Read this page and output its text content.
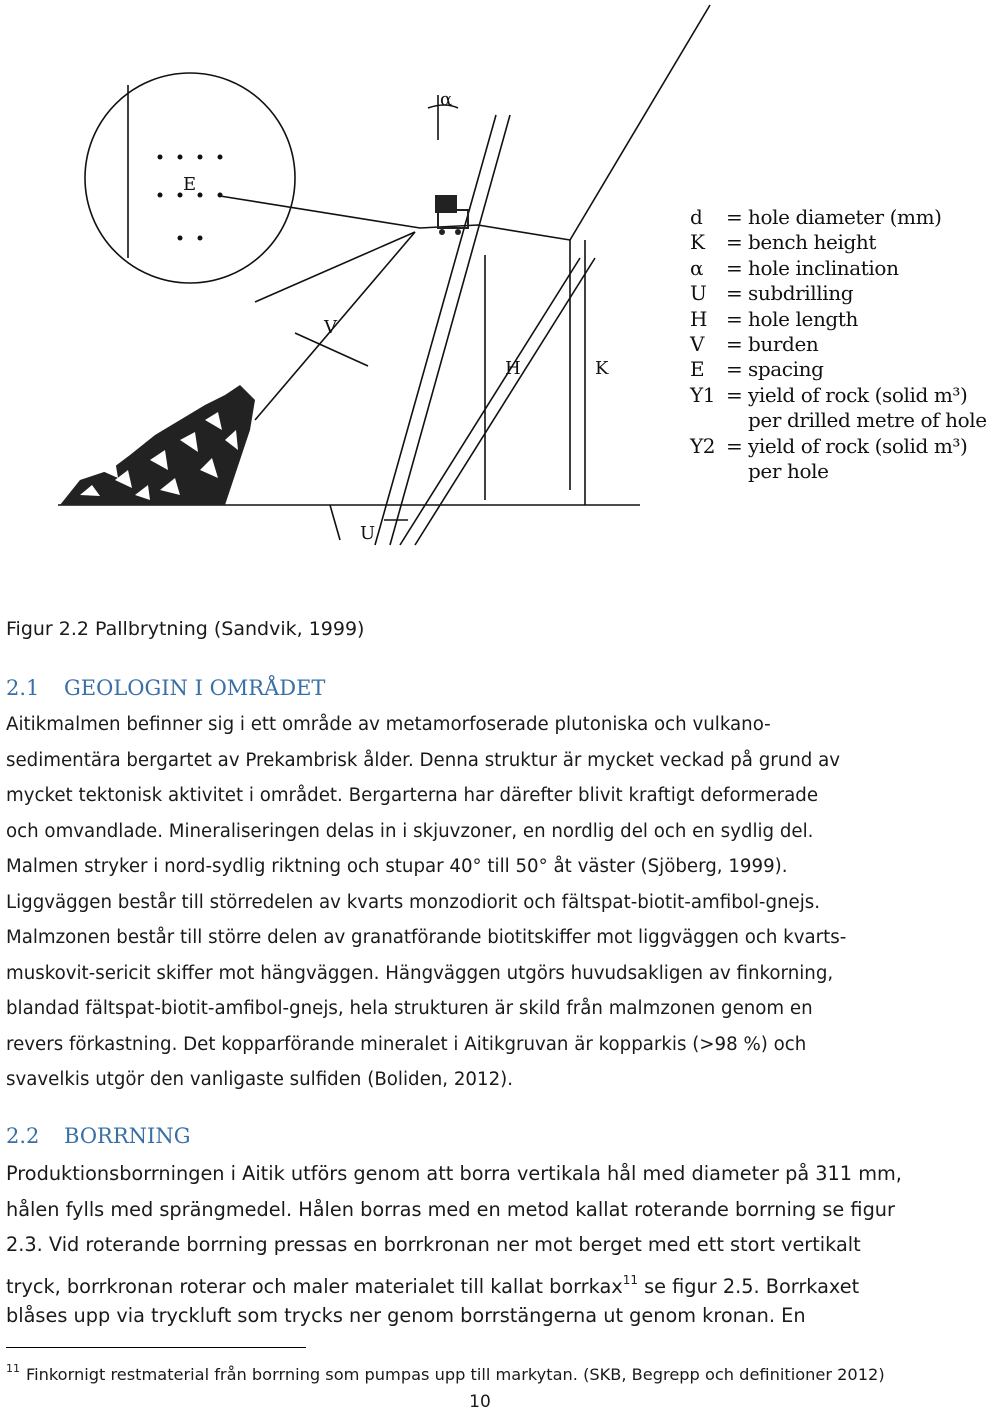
α
E
V
H	K
U
d	= hole diameter (mm)
K	= bench height
α	= hole inclination
U = subdrilling
H = hole length
V	= burden
E	= spacing
Y1 = yield of rock (solid m³)
per drilled metre of hole
Y2 = yield of rock (solid m³)
per hole
Figur 2.2 Pallbrytning (Sandvik, 1999)
2.1 GEOLOGIN I OMRÅDET
Aitikmalmen befinner sig i ett område av metamorfoserade plutoniska och vulkano-
sedimentära bergartet av Prekambrisk ålder. Denna struktur är mycket veckad på grund av
mycket tektonisk aktivitet i området. Bergarterna har därefter blivit kraftigt deformerade
och omvandlade. Mineraliseringen delas in i skjuvzoner, en nordlig del och en sydlig del.
Malmen stryker i nord-sydlig riktning och stupar 40° till 50° åt väster (Sjöberg, 1999).
Liggväggen består till störredelen av kvarts monzodiorit och fältspat-biotit-amfibol-gnejs.
Malmzonen består till större delen av granatförande biotitskiffer mot liggväggen och kvarts-
muskovit-sericit skiffer mot hängväggen. Hängväggen utgörs huvudsakligen av finkorning,
blandad fältspat-biotit-amfibol-gnejs, hela strukturen är skild från malmzonen genom en
revers förkastning. Det kopparförande mineralet i Aitikgruvan är kopparkis (>98 %) och
svavelkis utgör den vanligaste sulfiden (Boliden, 2012).
2.2 BORRNING
Produktionsborrningen i Aitik utförs genom att borra vertikala hål med diameter på 311 mm,
hålen fylls med sprängmedel. Hålen borras med en metod kallat roterande borrning se figur
2.3. Vid roterande borrning pressas en borrkronan ner mot berget med ett stort vertikalt
tryck, borrkronan roterar och maler materialet till kallat borrkax$^{11}$ se figur 2.5. Borrkaxet
blåses upp via tryckluft som trycks ner genom borrstängerna ut genom kronan. En
$^{11}$ Finkornigt restmaterial från borrning som pumpas upp till markytan. (SKB, Begrepp och definitioner 2012)
10
